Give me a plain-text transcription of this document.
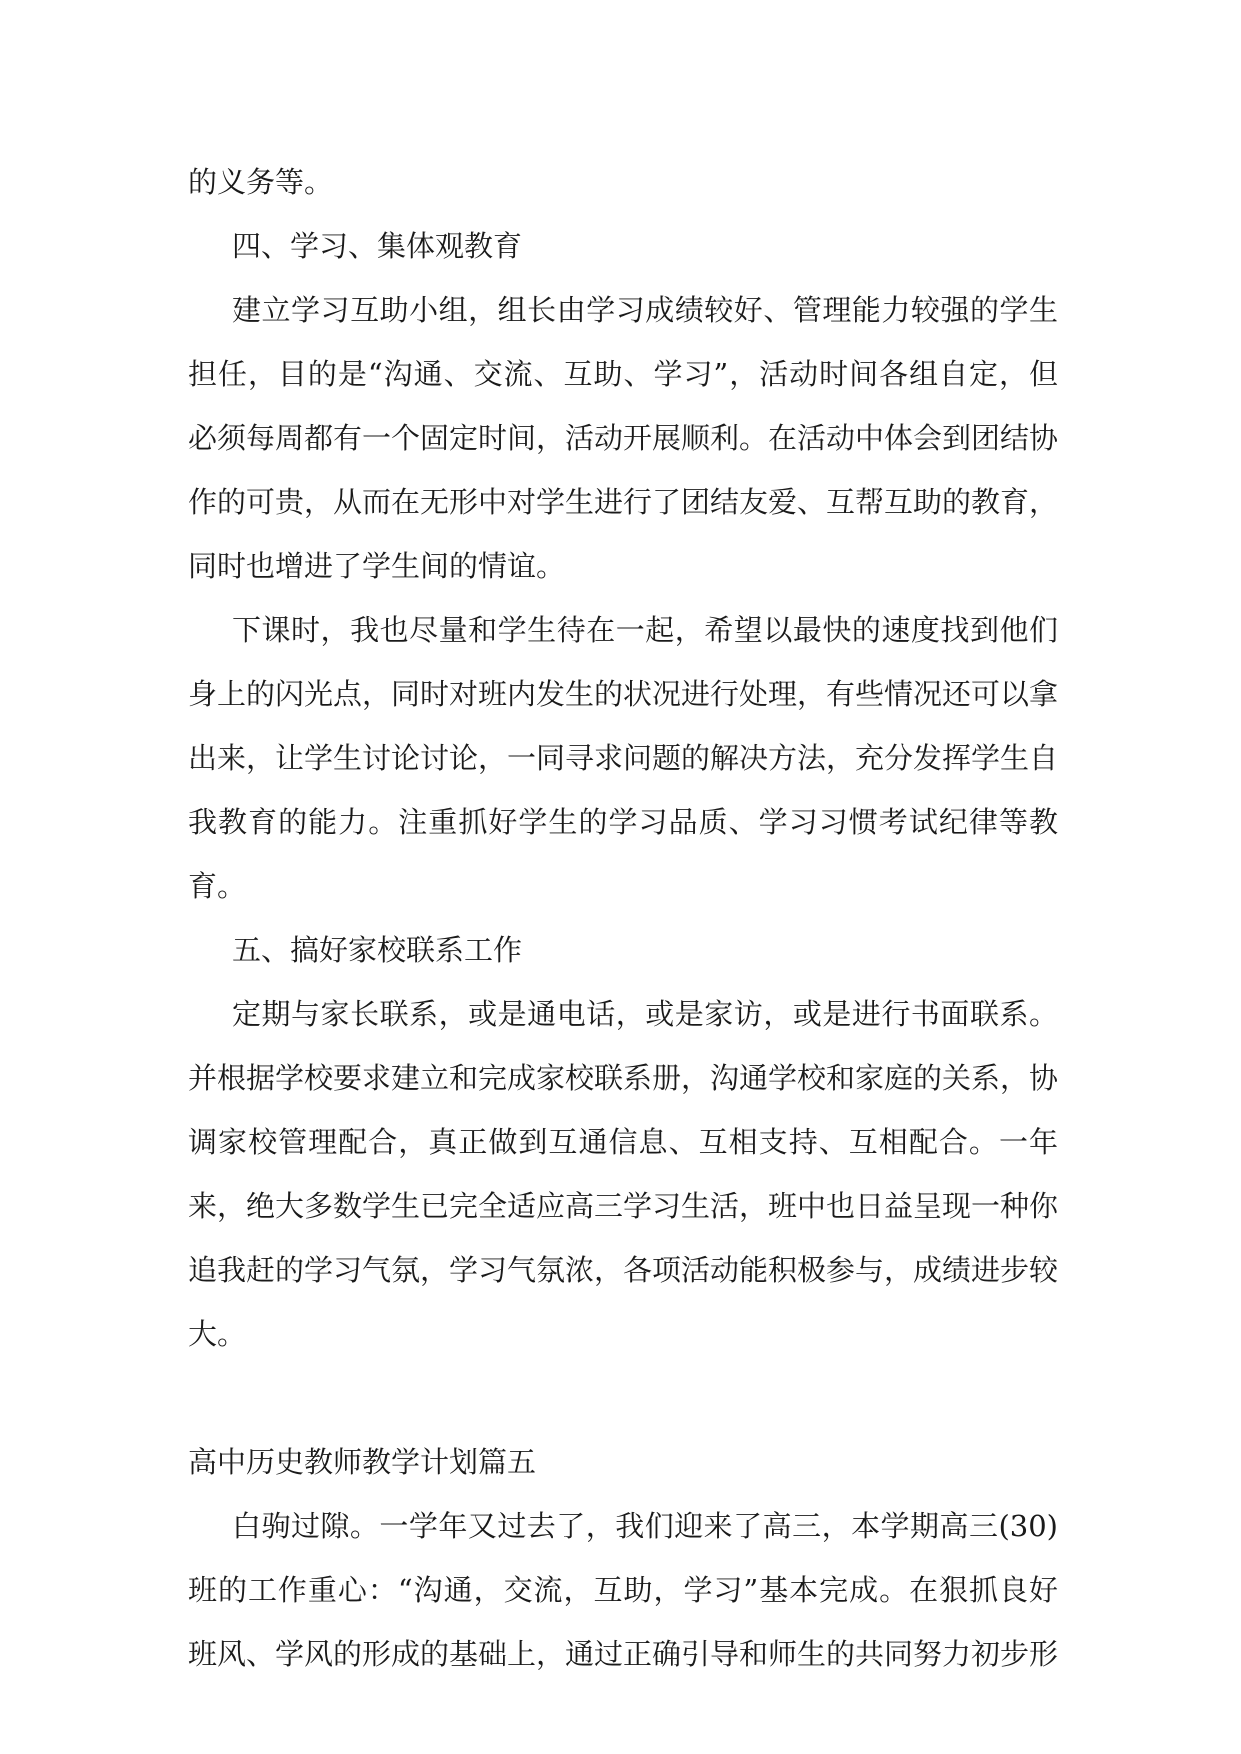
的义务等。

四、学习、集体观教育

建立学习互助小组，组长由学习成绩较好、管理能力较强的学生担任，目的是“沟通、交流、互助、学习”，活动时间各组自定，但必须每周都有一个固定时间，活动开展顺利。在活动中体会到团结协作的可贵，从而在无形中对学生进行了团结友爱、互帮互助的教育，同时也增进了学生间的情谊。

下课时，我也尽量和学生待在一起，希望以最快的速度找到他们身上的闪光点，同时对班内发生的状况进行处理，有些情况还可以拿出来，让学生讨论讨论，一同寻求问题的解决方法，充分发挥学生自我教育的能力。注重抓好学生的学习品质、学习习惯考试纪律等教育。

五、搞好家校联系工作

定期与家长联系，或是通电话，或是家访，或是进行书面联系。并根据学校要求建立和完成家校联系册，沟通学校和家庭的关系，协调家校管理配合，真正做到互通信息、互相支持、互相配合。一年来，绝大多数学生已完全适应高三学习生活，班中也日益呈现一种你追我赶的学习气氛，学习气氛浓，各项活动能积极参与，成绩进步较大。

高中历史教师教学计划篇五

白驹过隙。一学年又过去了，我们迎来了高三，本学期高三(30)班的工作重心：“沟通，交流，互助，学习”基本完成。在狠抓良好班风、学风的形成的基础上，通过正确引导和师生的共同努力初步形
